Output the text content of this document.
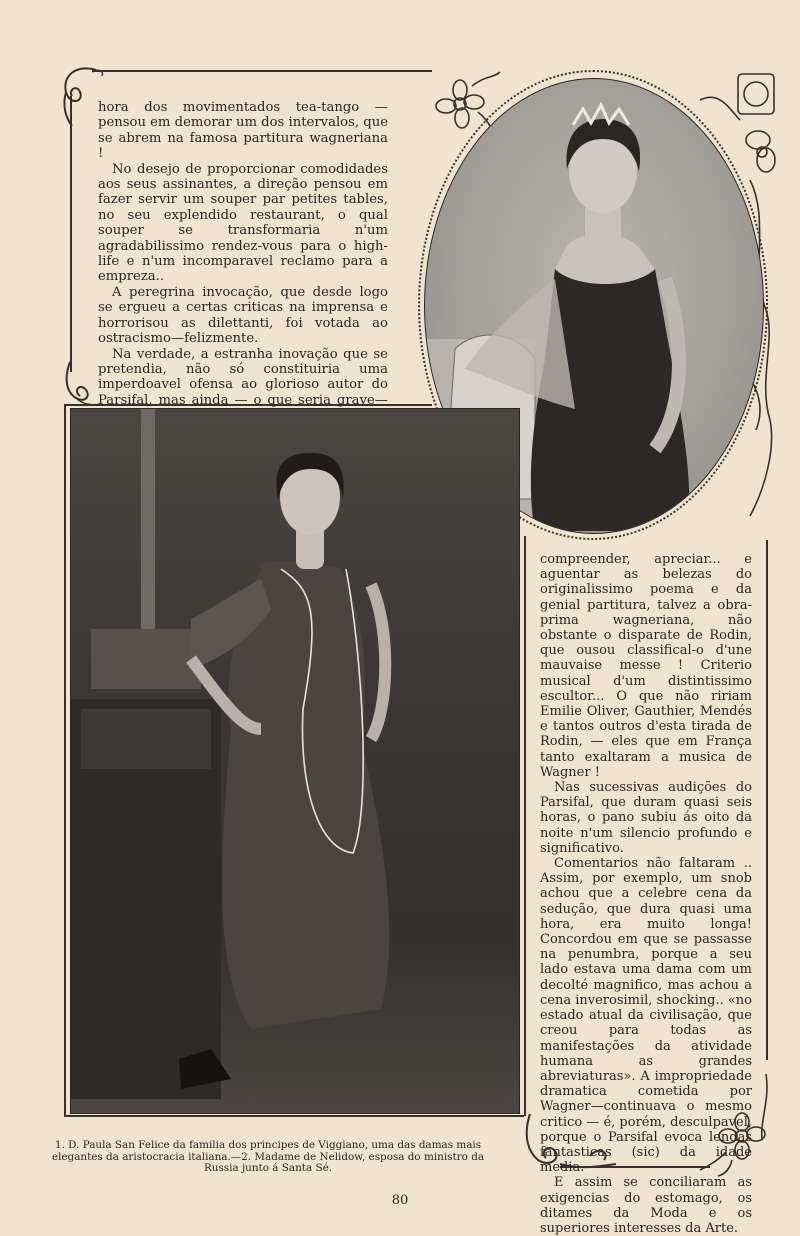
hora dos movimentados tea-tango — pensou em demorar um dos intervalos, que se abrem na famosa partitura wagneriana !

No desejo de proporcionar comodidades aos seus assinantes, a direção pensou em fazer servir um souper par petites tables, no seu explendido restaurant, o qual souper se transformaria n'um agradabilissimo rendez-vous para o high-life e n'um incomparavel reclamo para a empreza..

A peregrina invocação, que desde logo se ergueu a certas criticas na imprensa e horrorisou as dilettanti, foi votada ao ostracismo—felizmente.

Na verdade, a estranha inovação que se pretendia, não só constituiria uma imperdoavel ofensa ao glorioso autor do Parsifal, mas ainda — o que seria grave—

compreender, apreciar... e aguentar as belezas do originalissimo poema e da genial partitura, talvez a obra-prima wagneriana, não obstante o disparate de Rodin, que ousou classifical-o d'une mauvaise messe ! Criterio musical d'um distintissimo escultor... O que não ririam Emilie Oliver, Gauthier, Mendés e tantos outros d'esta tirada de Rodin, — eles que em França tanto exaltaram a musica de Wagner !

Nas sucessivas audições do Parsifal, que duram quasi seis horas, o pano subiu ás oito da noite n'um silencio profundo e significativo.

Comentarios não faltaram .. Assim, por exemplo, um snob achou que a celebre cena da sedução, que dura quasi uma hora, era muito longa! Concordou em que se passasse na penumbra, porque a seu lado estava uma dama com um decolté magnifico, mas achou a cena inverosimil, shocking.. «no estado atual da civilisação, que creou para todas as manifestações da atividade humana as grandes abreviaturas». A impropriedade dramatica cometida por Wagner—continuava o mesmo critico — é, porém, desculpavel, porque o Parsifal evoca lendas fantasticas (sic) da idade media.

E assim se conciliaram as exigencias do estomago, os ditames da Moda e os superiores interesses da Arte.

1. D. Paula San Felice da familia dos principes de Viggiano, uma das damas mais elegantes da aristocracia italiana.—2. Madame de Nelidow, esposa do ministro da Russia junto á Santa Sé.
80
